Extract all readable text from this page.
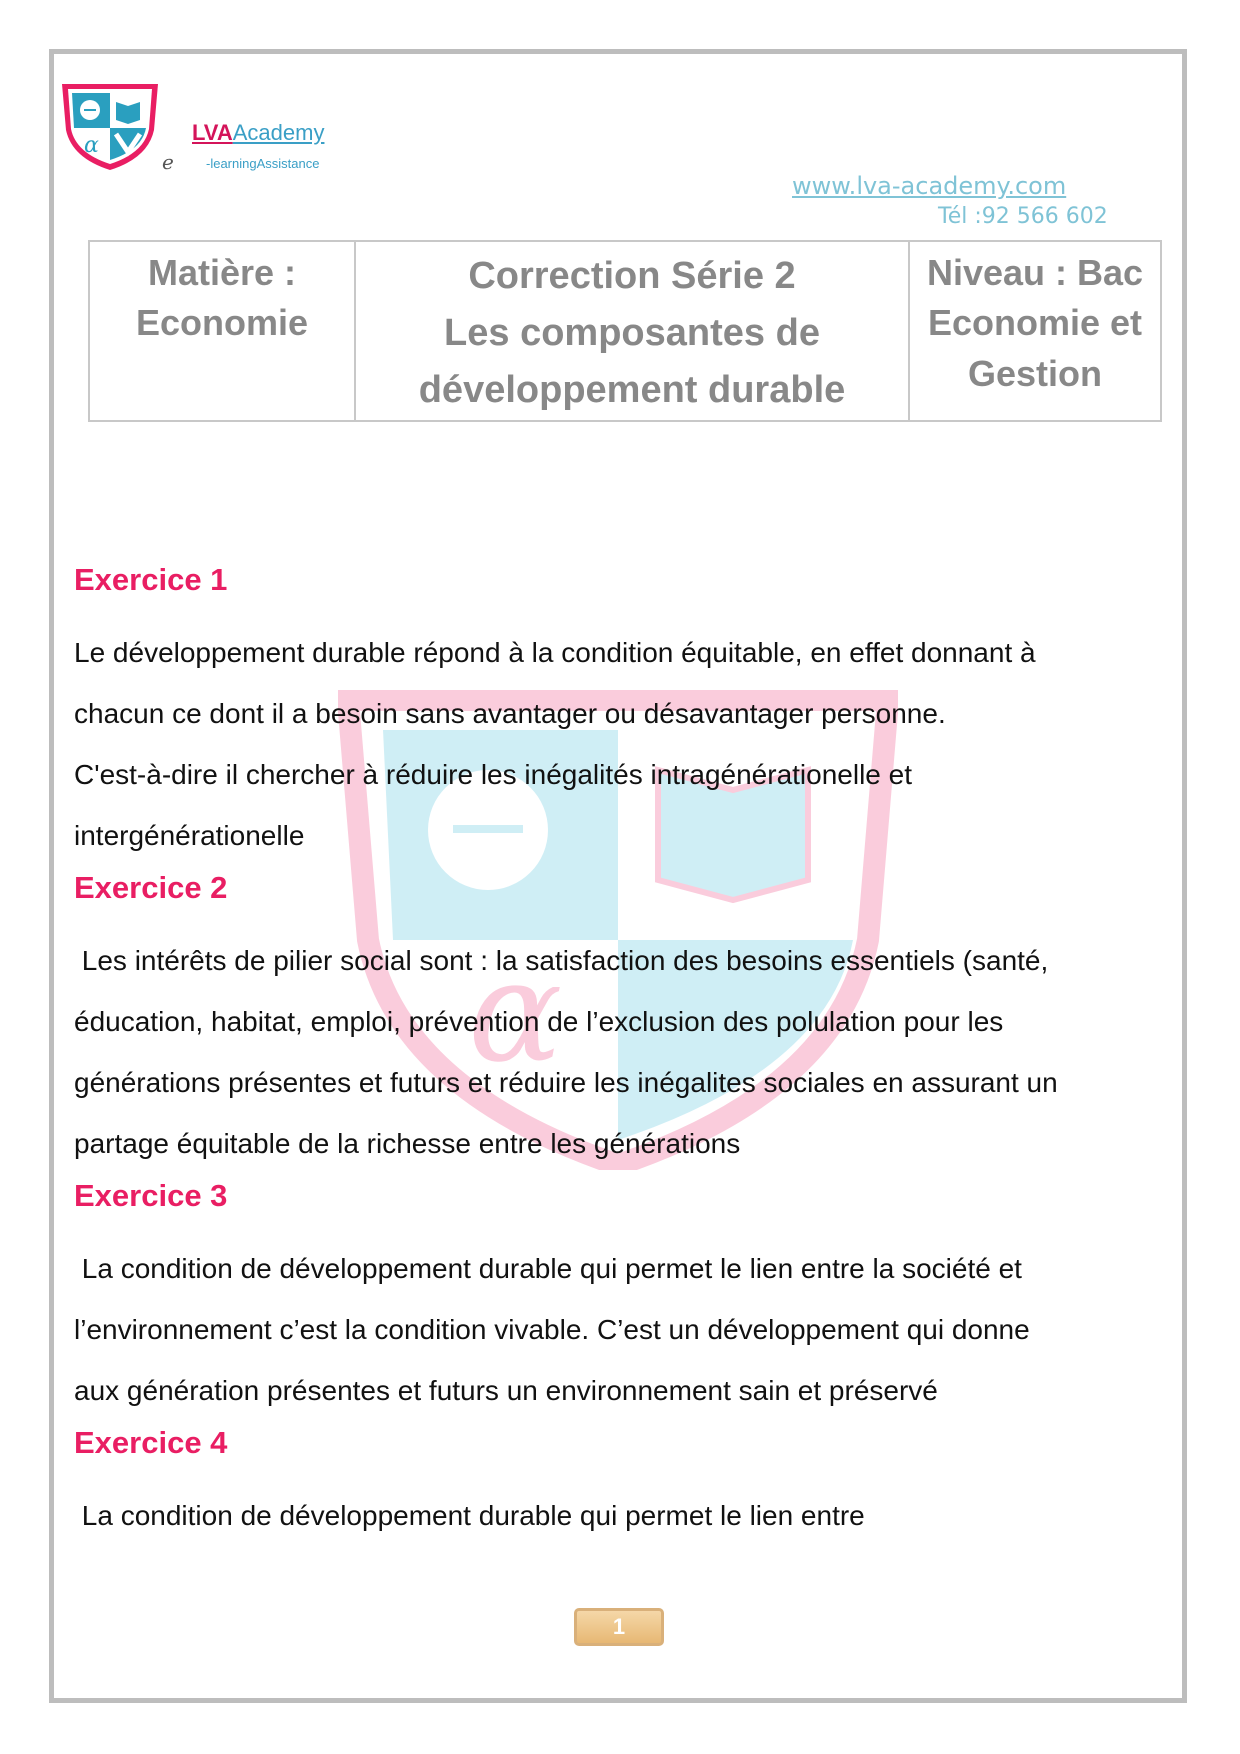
α
LVAAcademy
e -learningAssistance
www.lva-academy.com
Tél :92 566 602
Matière :
Economie

Correction Série 2
Les composantes de
développement durable

Niveau : Bac
Economie et
Gestion
α
Exercice 1
Le développement durable répond à la condition équitable, en effet donnant à
chacun ce dont il a besoin sans avantager ou désavantager personne.
C'est-à-dire il chercher à réduire les inégalités intragénérationelle et
intergénérationelle
Exercice 2
Les intérêts de pilier social sont : la satisfaction des besoins essentiels (santé,
éducation, habitat, emploi, prévention de l’exclusion des polulation pour les
générations présentes et futurs et réduire les inégalites sociales en assurant un
partage équitable de la richesse entre les générations
Exercice 3
La condition de développement durable qui permet le lien entre la société et
l’environnement c’est la condition vivable. C’est un développement qui donne
aux génération présentes et futurs un environnement sain et préservé
Exercice 4
La condition de développement durable qui permet le lien entre
1
